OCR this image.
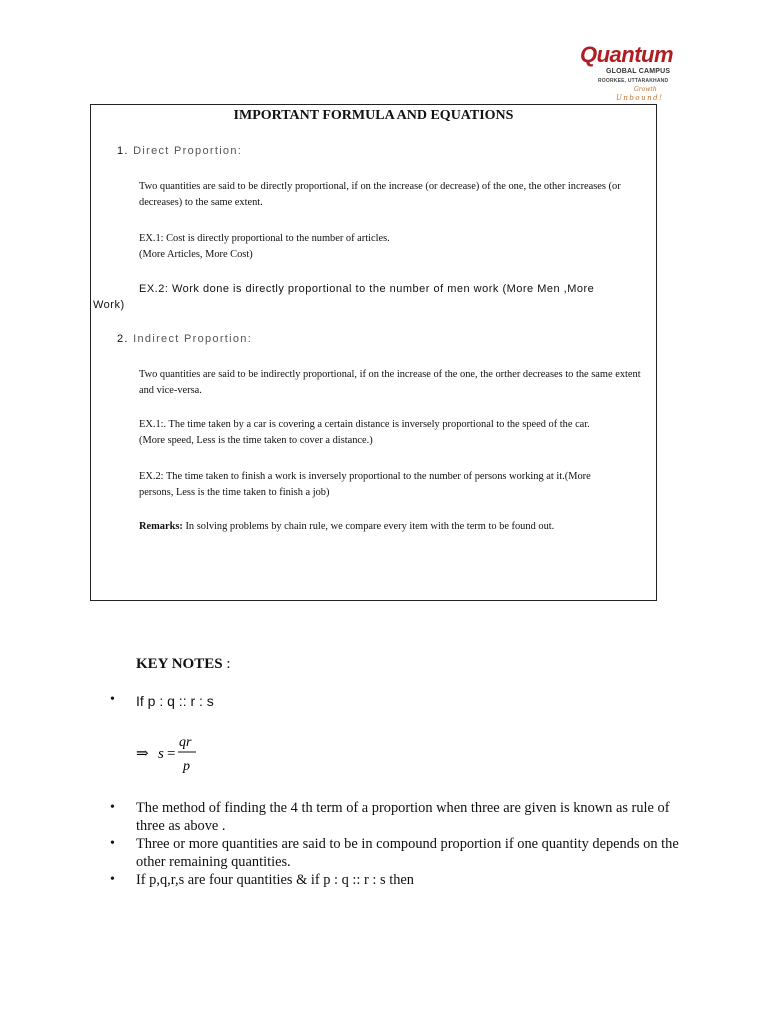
Quantum
GLOBAL CAMPUS
ROORKEE, UTTARAKHAND
Growth
Unbound!
IMPORTANT FORMULA AND EQUATIONS
1. Direct Proportion:
Two quantities are said to be directly proportional, if on the increase (or decrease) of the one, the other increases (or decreases) to the same extent.
EX.1: Cost is directly proportional to the number of articles.
(More Articles, More Cost)
EX.2: Work done is directly proportional to the number of men work (More Men ,More
Work)
2. Indirect Proportion:
Two quantities are said to be indirectly proportional, if on the increase of the one, the orther decreases to the same extent and vice-versa.
EX.1:. The time taken by a car is covering a certain distance is inversely proportional to the speed of the car.
(More speed, Less is the time taken to cover a distance.)
EX.2: The time taken to finish a work is inversely proportional to the number of persons working at it.(More
persons, Less is the time taken to finish a job)
Remarks: In solving problems by chain rule, we compare every item with the term to be found out.
KEY NOTES :
• If p : q :: r : s
⇒ s =
qr
p
• The method of finding the 4 th term of a proportion when three are given is known as rule of three as above .
• Three or more quantities are said to be in compound proportion if one quantity depends on the other remaining quantities.
• If p,q,r,s are four quantities & if p : q :: r : s then
